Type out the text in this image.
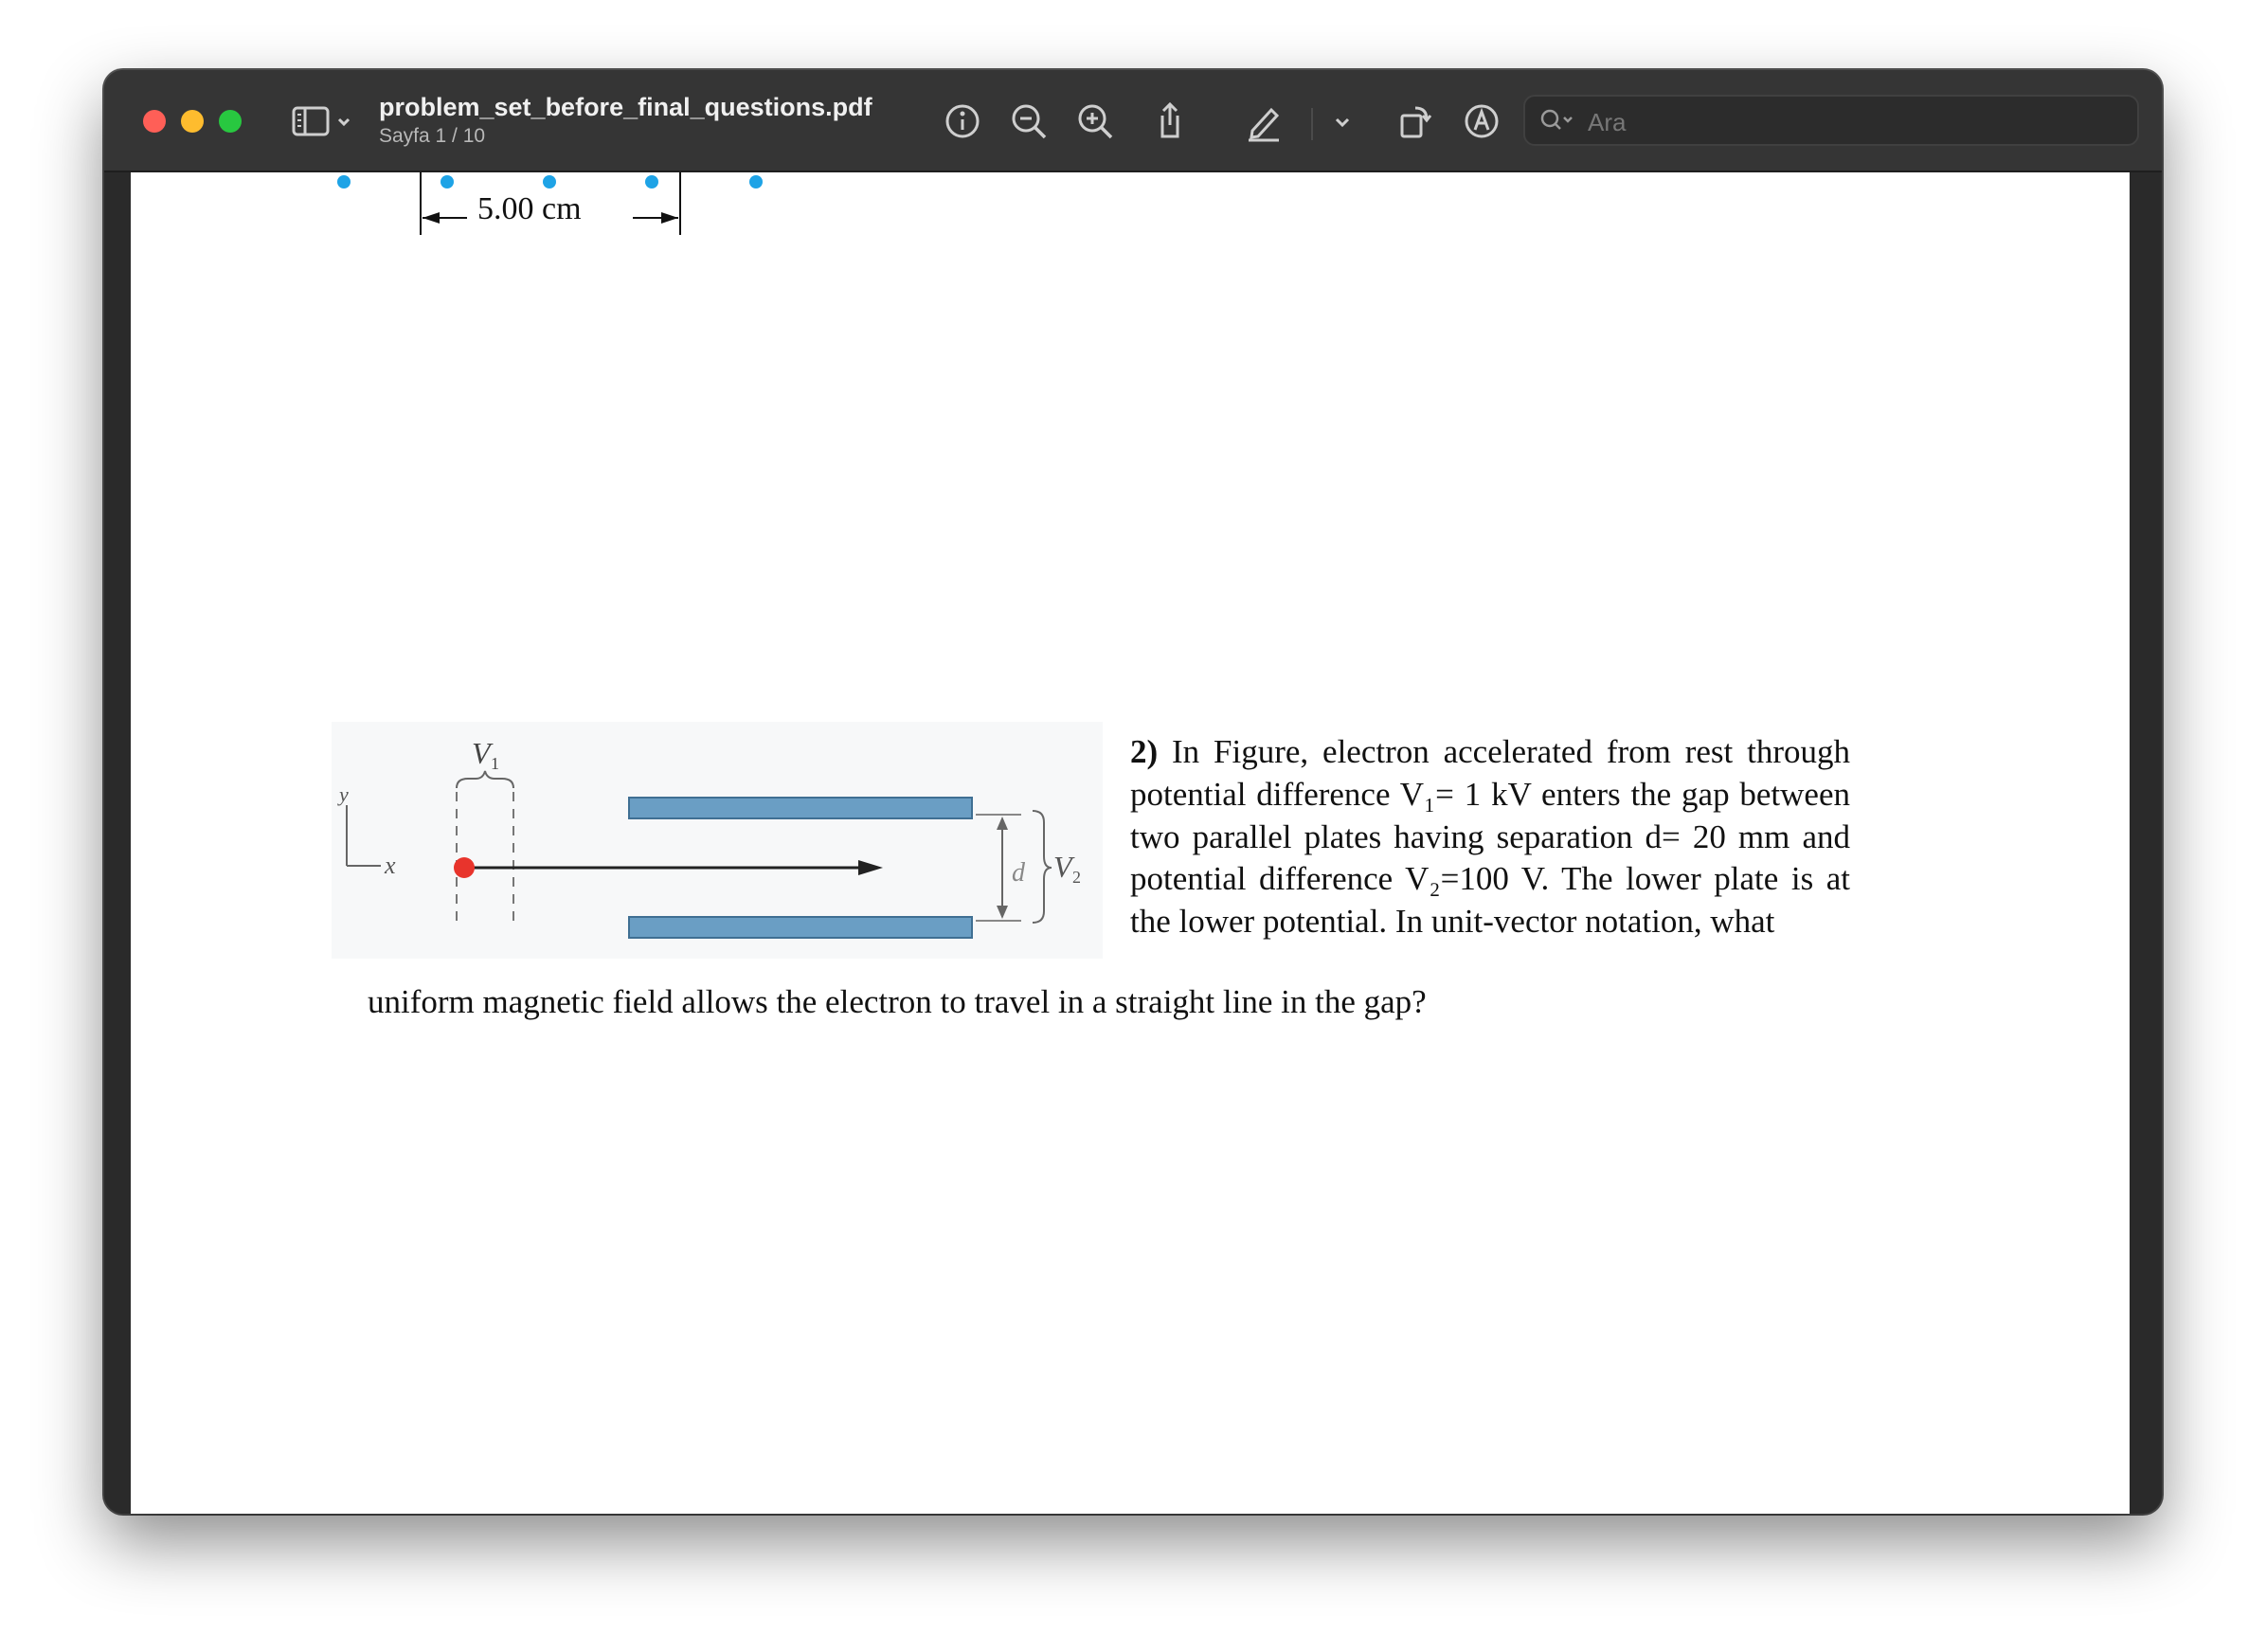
problem_set_before_final_questions.pdf
Sayfa 1 / 10
Ara
5.00 cm
y
x
V 1
d V 2
2) In Figure, electron accelerated from rest through potential difference V₁= 1 kV enters the gap between two parallel plates having separation d= 20 mm and potential difference V₂=100 V. The lower plate is at the lower potential. In unit-vector notation, what
uniform magnetic field allows the electron to travel in a straight line in the gap?
